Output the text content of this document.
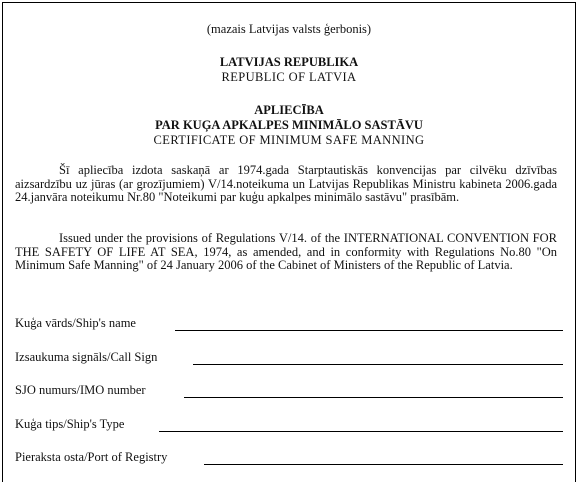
(mazais Latvijas valsts ģerbonis)
LATVIJAS REPUBLIKA
REPUBLIC OF LATVIA
APLIECĪBA
PAR KUĢA APKALPES MINIMĀLO SASTĀVU
CERTIFICATE OF MINIMUM SAFE MANNING
Šī apliecība izdota saskaņā ar 1974.gada Starptautiskās konvencijas par cilvēku dzīvības aizsardzību uz jūras (ar grozījumiem) V/14.noteikuma un Latvijas Republikas Ministru kabineta 2006.gada 24.janvāra noteikumu Nr.80 "Noteikumi par kuģu apkalpes minimālo sastāvu" prasībām.
Issued under the provisions of Regulations V/14. of the INTERNATIONAL CONVENTION FOR THE SAFETY OF LIFE AT SEA, 1974, as amended, and in conformity with Regulations No.80 "On Minimum Safe Manning" of 24 January 2006 of the Cabinet of Ministers of the Republic of Latvia.
Kuģa vārds/Ship's name
Izsaukuma signāls/Call Sign
SJO numurs/IMO number
Kuģa tips/Ship's Type
Pieraksta osta/Port of Registry
